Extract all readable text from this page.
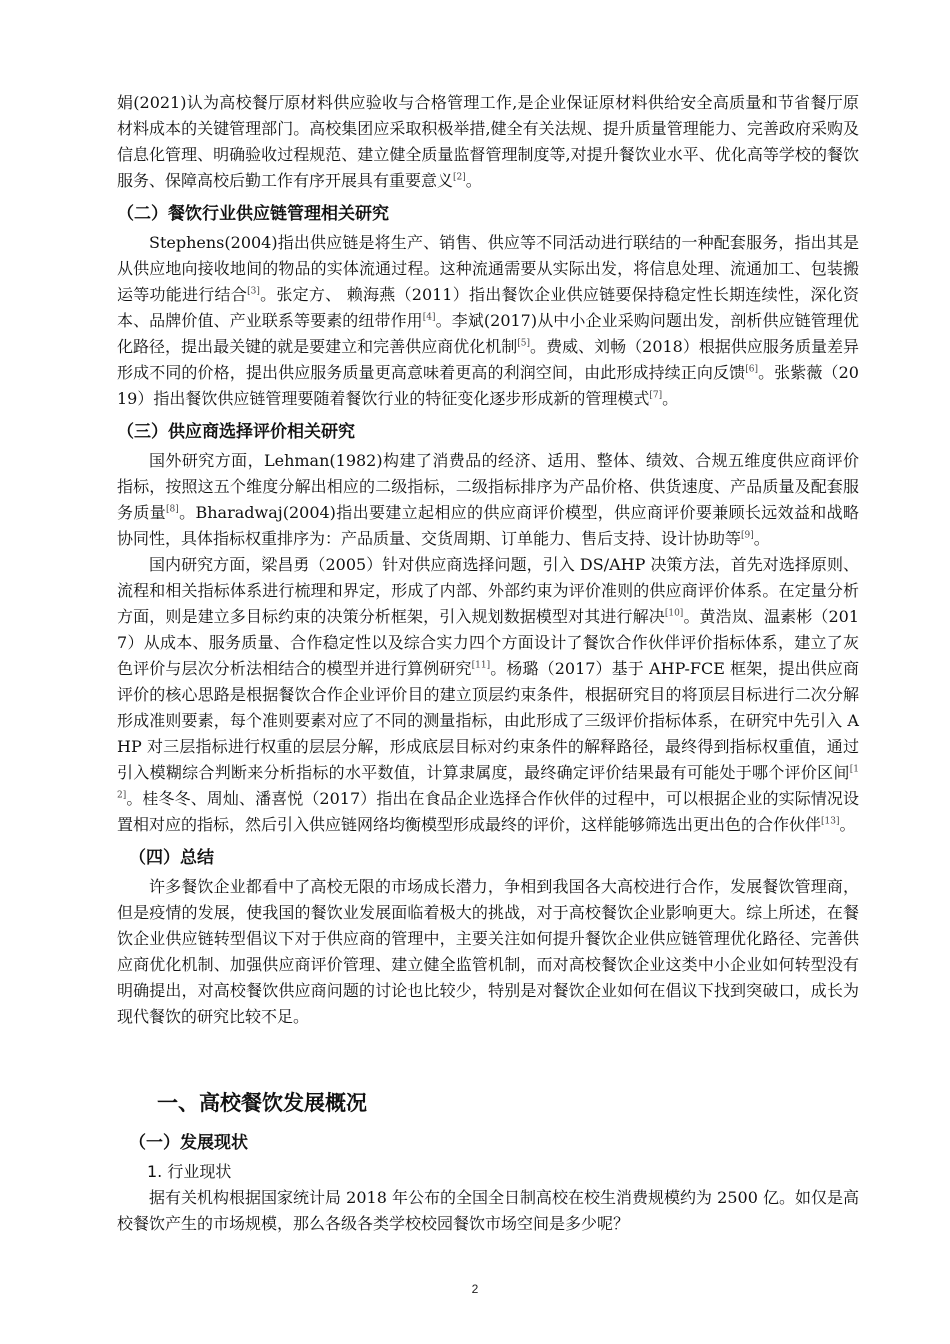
娟(2021)认为高校餐厅原材料供应验收与合格管理工作,是企业保证原材料供给安全高质量和节省餐厅原材料成本的关键管理部门。高校集团应采取积极举措,健全有关法规、提升质量管理能力、完善政府采购及信息化管理、明确验收过程规范、建立健全质量监督管理制度等,对提升餐饮业水平、优化高等学校的餐饮服务、保障高校后勤工作有序开展具有重要意义[2]。

（二）餐饮行业供应链管理相关研究

Stephens(2004)指出供应链是将生产、销售、供应等不同活动进行联结的一种配套服务，指出其是从供应地向接收地间的物品的实体流通过程。这种流通需要从实际出发，将信息处理、流通加工、包装搬运等功能进行结合[3]。张定方、 赖海燕（2011）指出餐饮企业供应链要保持稳定性长期连续性，深化资本、品牌价值、产业联系等要素的纽带作用[4]。李斌(2017)从中小企业采购问题出发，剖析供应链管理优化路径，提出最关键的就是要建立和完善供应商优化机制[5]。费威、刘畅（2018）根据供应服务质量差异形成不同的价格，提出供应服务质量更高意味着更高的利润空间，由此形成持续正向反馈[6]。张紫薇（2019）指出餐饮供应链管理要随着餐饮行业的特征变化逐步形成新的管理模式[7]。

（三）供应商选择评价相关研究

国外研究方面，Lehman(1982)构建了消费品的经济、适用、整体、绩效、合规五维度供应商评价指标，按照这五个维度分解出相应的二级指标，二级指标排序为产品价格、供货速度、产品质量及配套服务质量[8]。Bharadwaj(2004)指出要建立起相应的供应商评价模型，供应商评价要兼顾长远效益和战略协同性，具体指标权重排序为：产品质量、交货周期、订单能力、售后支持、设计协助等[9]。

国内研究方面，梁昌勇（2005）针对供应商选择问题，引入 DS/AHP 决策方法，首先对选择原则、流程和相关指标体系进行梳理和界定，形成了内部、外部约束为评价准则的供应商评价体系。在定量分析方面，则是建立多目标约束的决策分析框架，引入规划数据模型对其进行解决[10]。黄浩岚、温素彬（2017）从成本、服务质量、合作稳定性以及综合实力四个方面设计了餐饮合作伙伴评价指标体系，建立了灰色评价与层次分析法相结合的模型并进行算例研究[11]。杨璐（2017）基于 AHP-FCE 框架，提出供应商评价的核心思路是根据餐饮合作企业评价目的建立顶层约束条件，根据研究目的将顶层目标进行二次分解形成准则要素，每个准则要素对应了不同的测量指标，由此形成了三级评价指标体系，在研究中先引入 AHP 对三层指标进行权重的层层分解，形成底层目标对约束条件的解释路径，最终得到指标权重值，通过引入模糊综合判断来分析指标的水平数值，计算隶属度，最终确定评价结果最有可能处于哪个评价区间[12]。桂冬冬、周灿、潘喜悦（2017）指出在食品企业选择合作伙伴的过程中，可以根据企业的实际情况设置相对应的指标，然后引入供应链网络均衡模型形成最终的评价，这样能够筛选出更出色的合作伙伴[13]。

（四）总结

许多餐饮企业都看中了高校无限的市场成长潜力，争相到我国各大高校进行合作，发展餐饮管理商，但是疫情的发展，使我国的餐饮业发展面临着极大的挑战，对于高校餐饮企业影响更大。综上所述，在餐饮企业供应链转型倡议下对于供应商的管理中，主要关注如何提升餐饮企业供应链管理优化路径、完善供应商优化机制、加强供应商评价管理、建立健全监管机制，而对高校餐饮企业这类中小企业如何转型没有明确提出，对高校餐饮供应商问题的讨论也比较少，特别是对餐饮企业如何在倡议下找到突破口，成长为现代餐饮的研究比较不足。

一、高校餐饮发展概况
（一）发展现状
1. 行业现状

据有关机构根据国家统计局 2018 年公布的全国全日制高校在校生消费规模约为 2500 亿。如仅是高校餐饮产生的市场规模，那么各级各类学校校园餐饮市场空间是多少呢？

2
